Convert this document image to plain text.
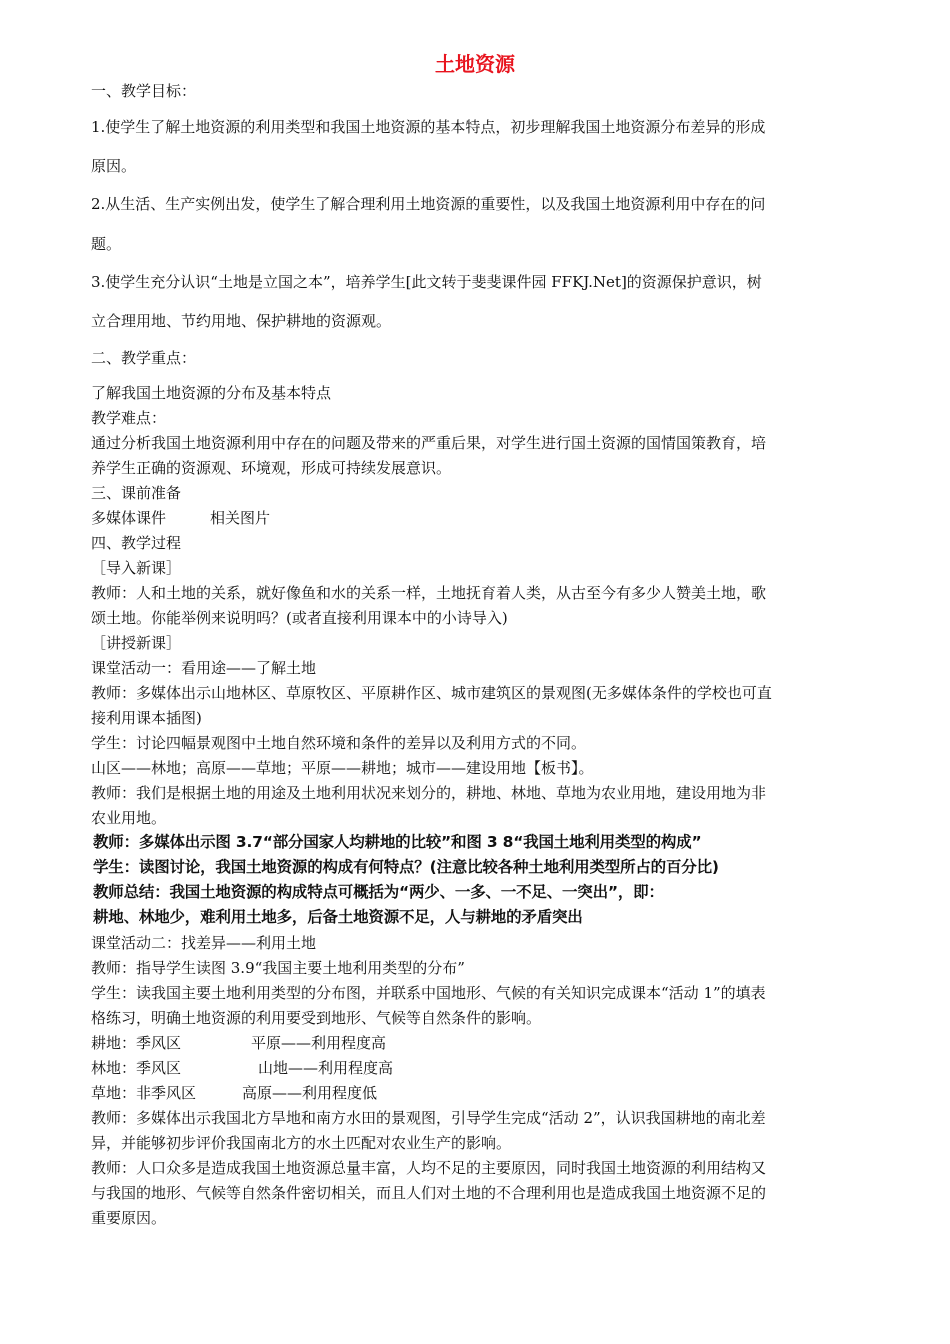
土地资源
一、教学目标：
1.使学生了解土地资源的利用类型和我国土地资源的基本特点，初步理解我国土地资源分布差异的形成
原因。
2.从生活、生产实例出发，使学生了解合理利用土地资源的重要性，以及我国土地资源利用中存在的问
题。
3.使学生充分认识“土地是立国之本”，培养学生[此文转于斐斐课件园 FFKJ.Net]的资源保护意识，树
立合理用地、节约用地、保护耕地的资源观。
二、教学重点：
了解我国土地资源的分布及基本特点
教学难点：
通过分析我国土地资源利用中存在的问题及带来的严重后果，对学生进行国土资源的国情国策教育，培
养学生正确的资源观、环境观，形成可持续发展意识。
三、课前准备
多媒体课件	相关图片
四、教学过程
［导入新课］
教师：人和土地的关系，就好像鱼和水的关系一样，土地抚育着人类，从古至今有多少人赞美土地，歌
颂土地。你能举例来说明吗？(或者直接利用课本中的小诗导入)
［讲授新课］
课堂活动一：看用途——了解土地
教师：多媒体出示山地林区、草原牧区、平原耕作区、城市建筑区的景观图(无多媒体条件的学校也可直
接利用课本插图)
学生：讨论四幅景观图中土地自然环境和条件的差异以及利用方式的不同。
山区——林地；高原——草地；平原——耕地；城市——建设用地【板书】。
教师：我们是根据土地的用途及土地利用状况来划分的，耕地、林地、草地为农业用地，建设用地为非
农业用地。
教师：多媒体出示图 3.7“部分国家人均耕地的比较”和图 3 8“我国土地利用类型的构成”
学生：读图讨论，我国土地资源的构成有何特点？(注意比较各种土地利用类型所占的百分比)
教师总结：我国土地资源的构成特点可概括为“两少、一多、一不足、一突出”，即：
耕地、林地少，难利用土地多，后备土地资源不足，人与耕地的矛盾突出
课堂活动二：找差异——利用土地
教师：指导学生读图 3.9“我国主要土地利用类型的分布”
学生：读我国主要土地利用类型的分布图，并联系中国地形、气候的有关知识完成课本“活动 1”的填表
格练习，明确土地资源的利用要受到地形、气候等自然条件的影响。
耕地：季风区	平原——利用程度高
林地：季风区	山地——利用程度高
草地：非季风区	高原——利用程度低
教师：多媒体出示我国北方旱地和南方水田的景观图，引导学生完成“活动 2”，认识我国耕地的南北差
异，并能够初步评价我国南北方的水土匹配对农业生产的影响。
教师：人口众多是造成我国土地资源总量丰富，人均不足的主要原因，同时我国土地资源的利用结构又
与我国的地形、气候等自然条件密切相关，而且人们对土地的不合理利用也是造成我国土地资源不足的
重要原因。
